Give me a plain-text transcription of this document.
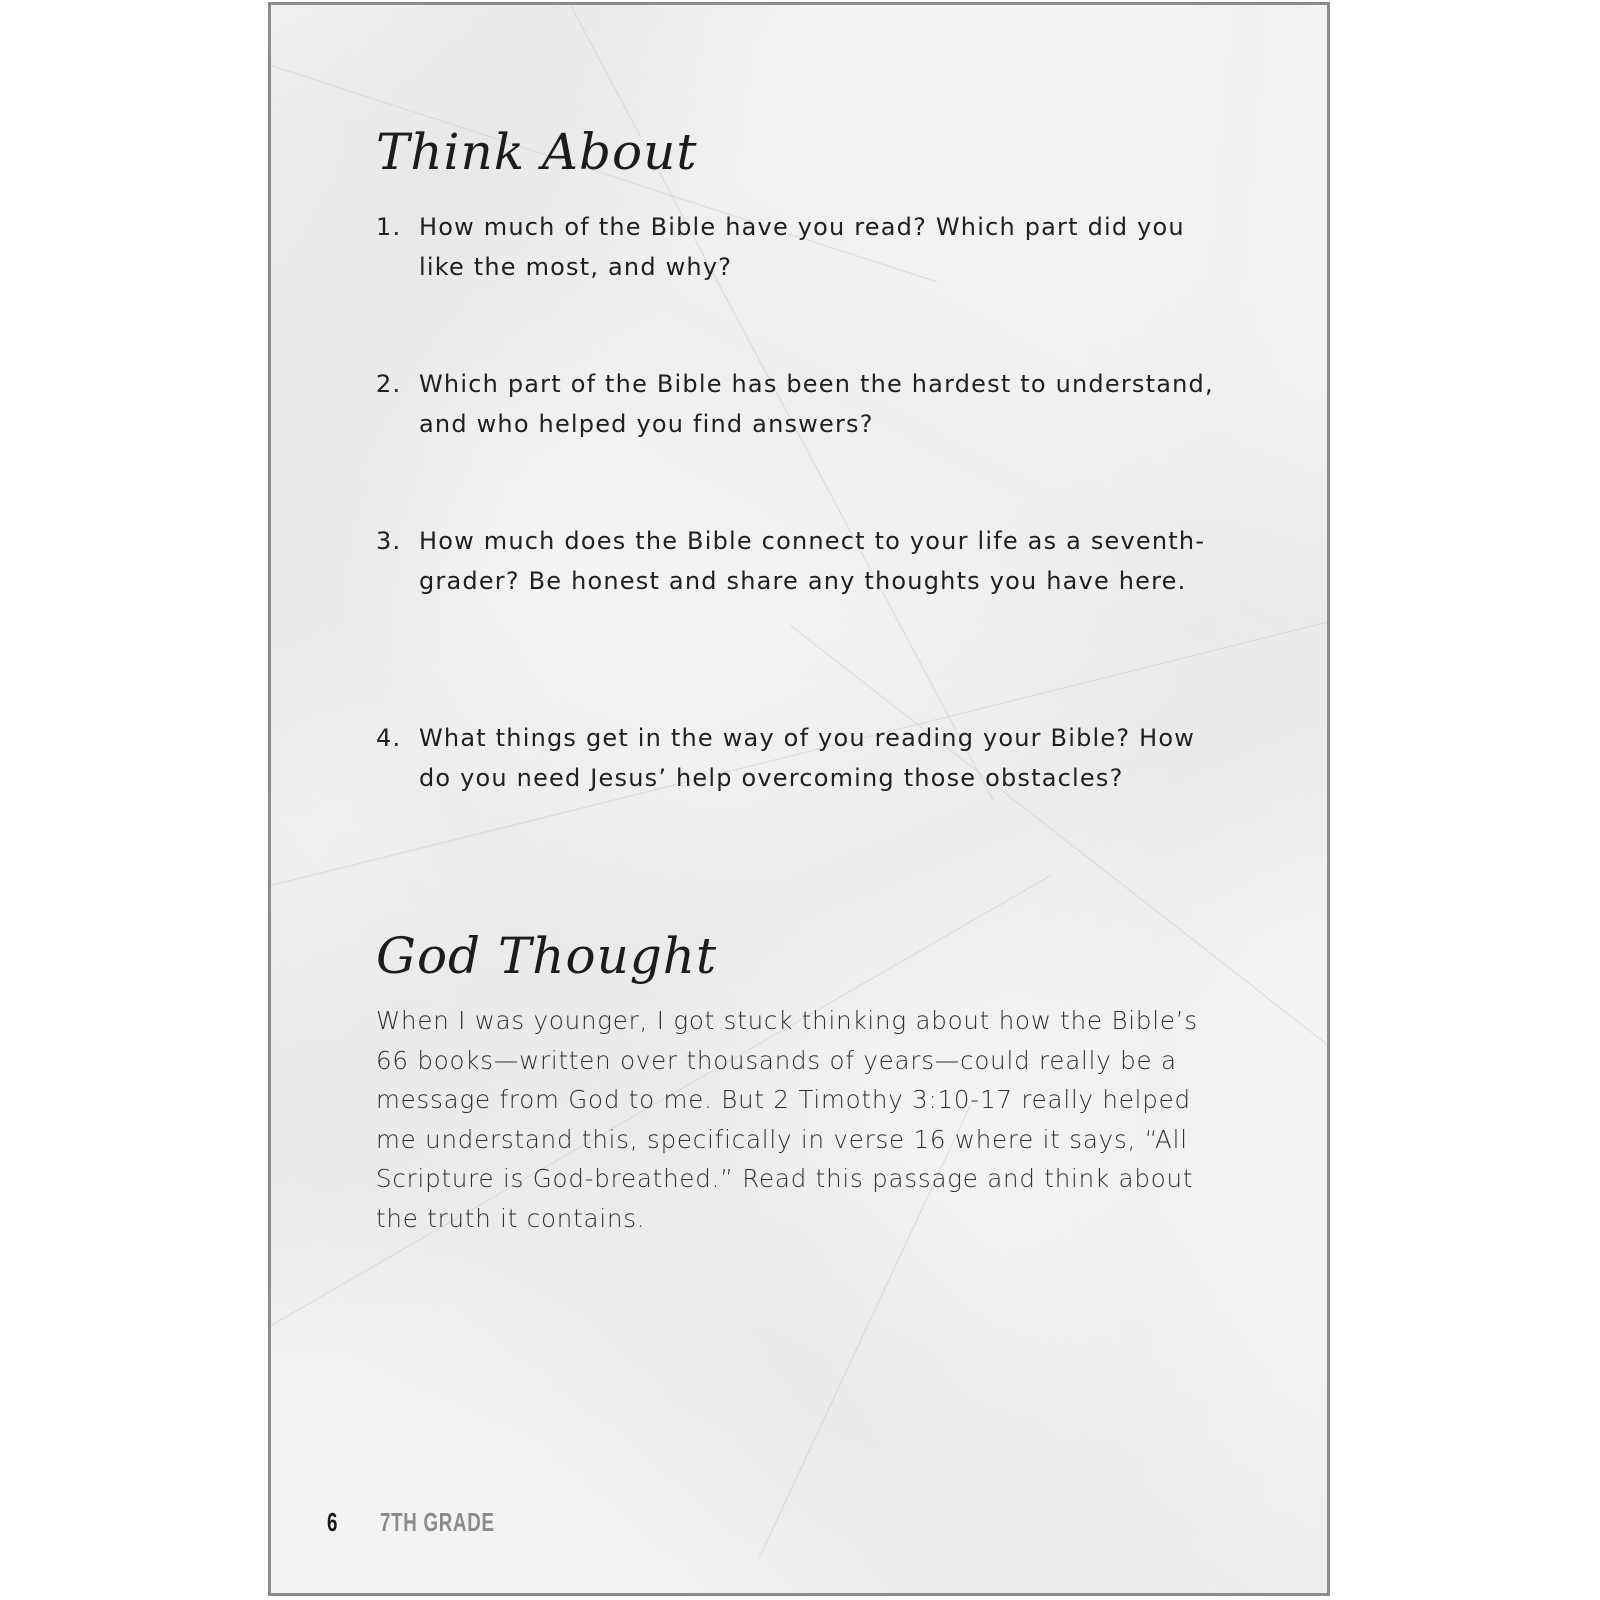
Think About
1. How much of the Bible have you read? Which part did you like the most, and why?
2. Which part of the Bible has been the hardest to understand, and who helped you find answers?
3. How much does the Bible connect to your life as a seventh-grader? Be honest and share any thoughts you have here.
4. What things get in the way of you reading your Bible? How do you need Jesus’ help overcoming those obstacles?
God Thought

When I was younger, I got stuck thinking about how the Bible’s 66 books—written over thousands of years—could really be a message from God to me. But 2 Timothy 3:10-17 really helped me understand this, specifically in verse 16 where it says, “All Scripture is God-breathed.” Read this passage and think about the truth it contains.

6 7TH GRADE
